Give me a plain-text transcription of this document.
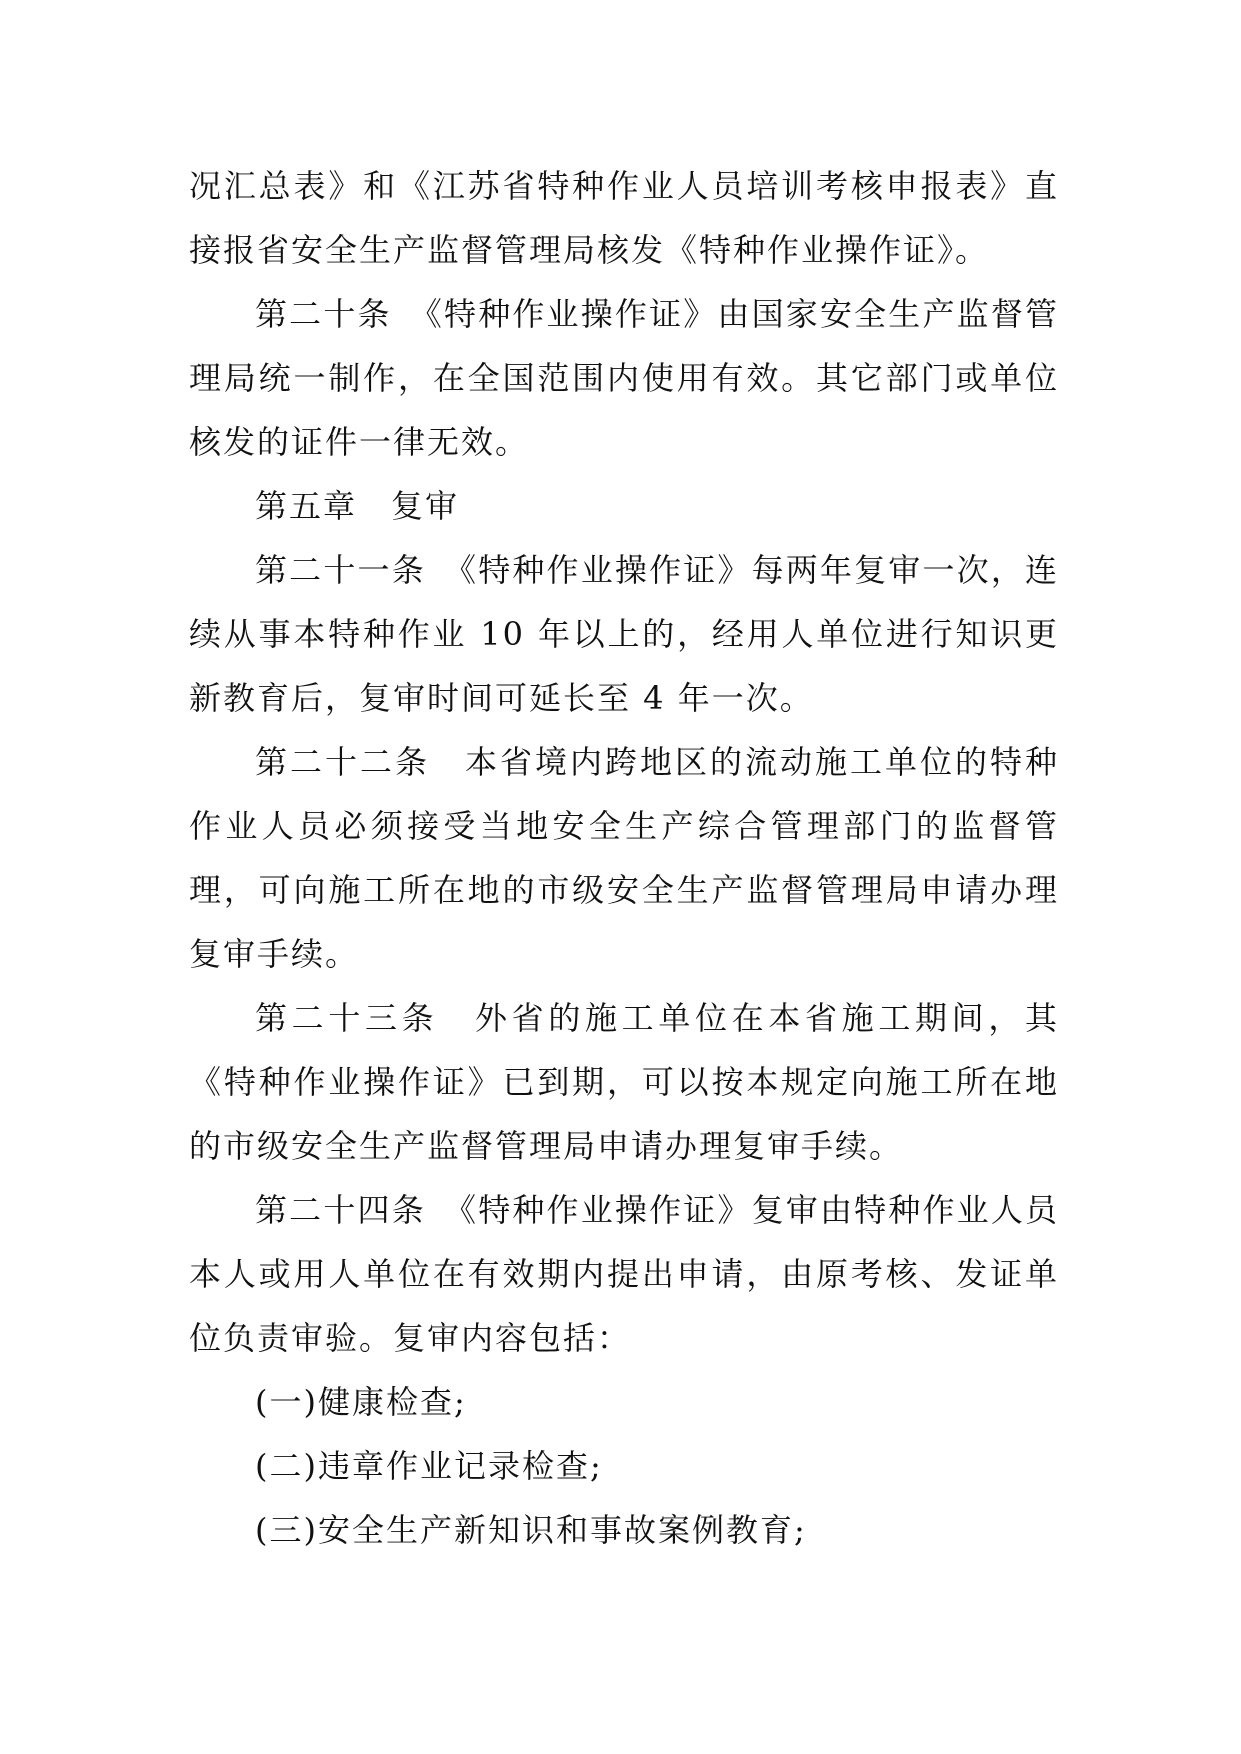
况汇总表》和《江苏省特种作业人员培训考核申报表》直接报省安全生产监督管理局核发《特种作业操作证》。

第二十条　《特种作业操作证》由国家安全生产监督管理局统一制作，在全国范围内使用有效。其它部门或单位核发的证件一律无效。

第五章　复审

第二十一条　《特种作业操作证》每两年复审一次，连续从事本特种作业 10 年以上的，经用人单位进行知识更新教育后，复审时间可延长至 4 年一次。

第二十二条　本省境内跨地区的流动施工单位的特种作业人员必须接受当地安全生产综合管理部门的监督管理，可向施工所在地的市级安全生产监督管理局申请办理复审手续。

第二十三条　外省的施工单位在本省施工期间，其《特种作业操作证》已到期，可以按本规定向施工所在地的市级安全生产监督管理局申请办理复审手续。

第二十四条　《特种作业操作证》复审由特种作业人员本人或用人单位在有效期内提出申请，由原考核、发证单位负责审验。复审内容包括：

(一)健康检查;

(二)违章作业记录检查;

(三)安全生产新知识和事故案例教育;
